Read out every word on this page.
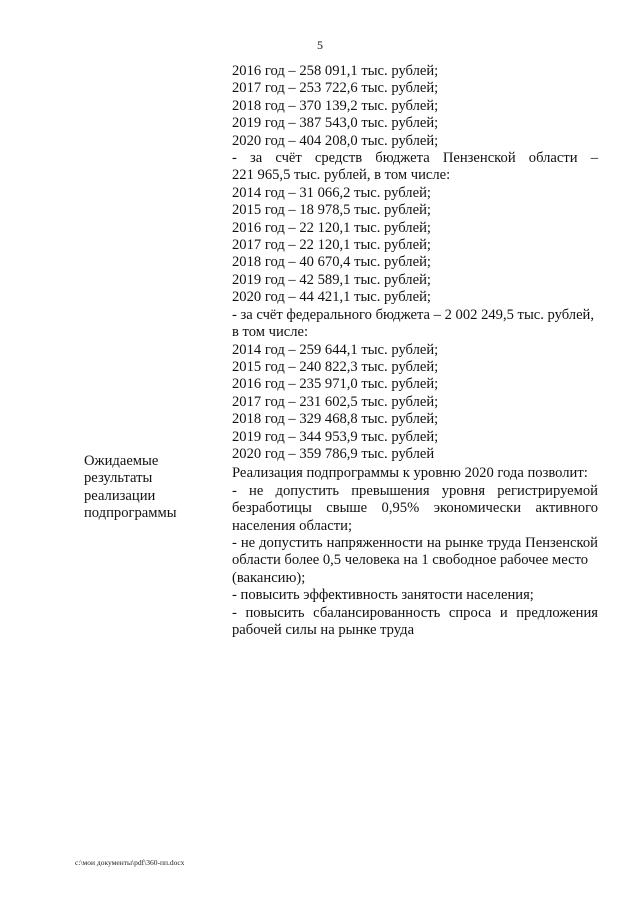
5
2016 год – 258 091,1 тыс. рублей;
2017 год – 253 722,6 тыс. рублей;
2018 год – 370 139,2 тыс. рублей;
2019 год – 387 543,0 тыс. рублей;
2020 год – 404 208,0 тыс. рублей;
- за счёт средств бюджета Пензенской области –
221 965,5 тыс. рублей, в том числе:
2014 год – 31 066,2 тыс. рублей;
2015 год – 18 978,5 тыс. рублей;
2016 год – 22 120,1 тыс. рублей;
2017 год – 22 120,1 тыс. рублей;
2018 год – 40 670,4 тыс. рублей;
2019 год – 42 589,1 тыс. рублей;
2020 год – 44 421,1 тыс. рублей;
- за счёт федерального бюджета – 2 002 249,5 тыс. рублей,
в том числе:
2014 год – 259 644,1 тыс. рублей;
2015 год – 240 822,3 тыс. рублей;
2016 год – 235 971,0 тыс. рублей;
2017 год – 231 602,5 тыс. рублей;
2018 год – 329 468,8 тыс. рублей;
2019 год – 344 953,9 тыс. рублей;
2020 год – 359 786,9 тыс. рублей
Реализация подпрограммы к уровню 2020 года позволит:
- не допустить превышения уровня регистрируемой безработицы свыше 0,95% экономически активного населения области;
- не допустить напряженности на рынке труда Пензенской области более 0,5 человека на 1 свободное рабочее место
(вакансию);
- повысить эффективность занятости населения;
- повысить сбалансированность спроса и предложения рабочей силы на рынке труда
Ожидаемые результаты реализации подпрограммы
c:\мои документы\pdf\360-пп.docx
